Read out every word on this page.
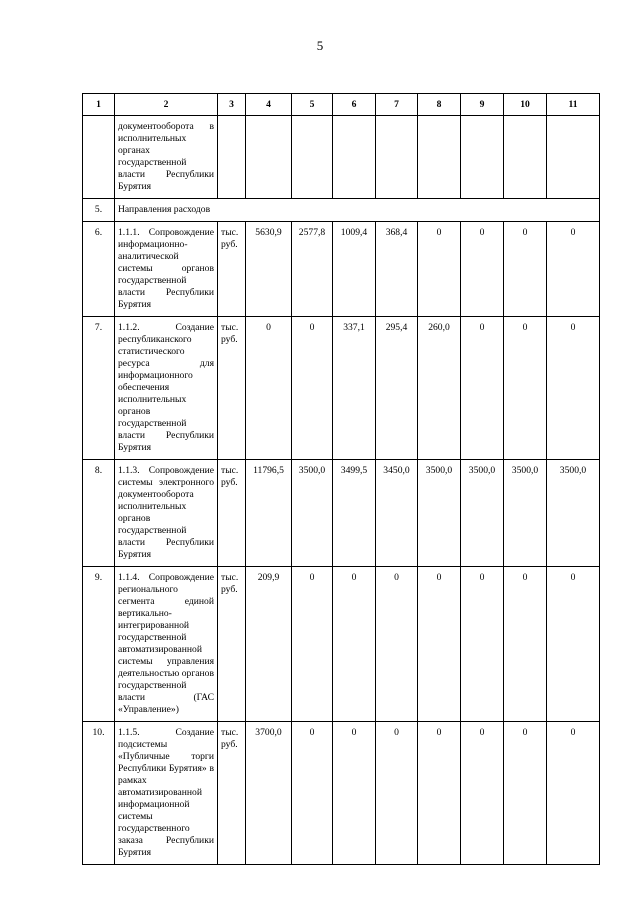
5
1	2	3	4	5	6	7	8	9	10	11
	документооборота в исполнительных органах государственной власти Республики Бурятия									
5.	Направления расходов									
6.	1.1.1. Сопровождение информационно-аналитической системы органов государственной власти Республики Бурятия	тыс. руб.	5630,9	2577,8	1009,4	368,4	0	0	0	0
7.	1.1.2. Создание республиканского статистического ресурса для информационного обеспечения исполнительных органов государственной власти Республики Бурятия	тыс. руб.	0	0	337,1	295,4	260,0	0	0	0
8.	1.1.3. Сопровождение системы электронного документооборота исполнительных органов государственной власти Республики Бурятия	тыс. руб.	11796,5	3500,0	3499,5	3450,0	3500,0	3500,0	3500,0	3500,0
9.	1.1.4. Сопровождение регионального сегмента единой вертикально-интегрированной государственной автоматизированной системы управления деятельностью органов государственной власти (ГАС «Управление»)	тыс. руб.	209,9	0	0	0	0	0	0	0
10.	1.1.5. Создание подсистемы «Публичные торги Республики Бурятия» в рамках автоматизированной информационной системы государственного заказа Республики Бурятия	тыс. руб.	3700,0	0	0	0	0	0	0	0
